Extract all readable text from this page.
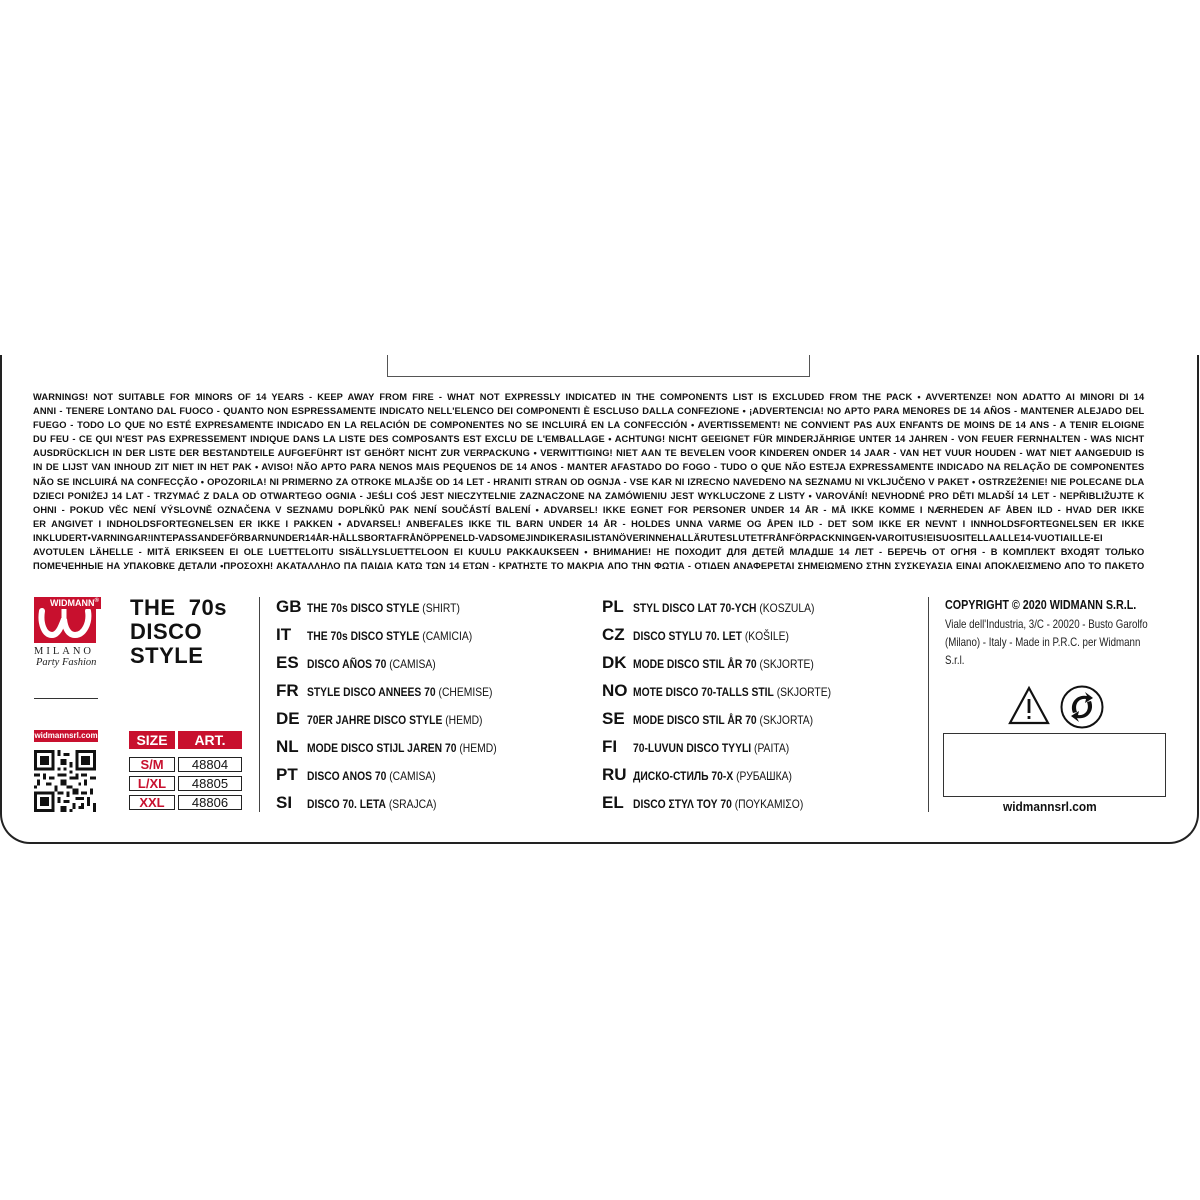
WARNINGS! NOT SUITABLE FOR MINORS OF 14 YEARS - KEEP AWAY FROM FIRE - WHAT NOT EXPRESSLY INDICATED IN THE COMPONENTS LIST IS EXCLUDED FROM THE PACK • AVVERTENZE! NON ADATTO AI MINORI DI 14
ANNI - TENERE LONTANO DAL FUOCO - QUANTO NON ESPRESSAMENTE INDICATO NELL'ELENCO DEI COMPONENTI È ESCLUSO DALLA CONFEZIONE • ¡ADVERTENCIA! NO APTO PARA MENORES DE 14 AÑOS - MANTENER ALEJADO DEL
FUEGO - TODO LO QUE NO ESTÉ EXPRESAMENTE INDICADO EN LA RELACIÓN DE COMPONENTES NO SE INCLUIRÁ EN LA CONFECCIÓN • AVERTISSEMENT! NE CONVIENT PAS AUX ENFANTS DE MOINS DE 14 ANS - A TENIR ELOIGNE
DU FEU - CE QUI N'EST PAS EXPRESSEMENT INDIQUE DANS LA LISTE DES COMPOSANTS EST EXCLU DE L'EMBALLAGE • ACHTUNG! NICHT GEEIGNET FÜR MINDERJÄHRIGE UNTER 14 JAHREN - VON FEUER FERNHALTEN - WAS NICHT
AUSDRÜCKLICH IN DER LISTE DER BESTANDTEILE AUFGEFÜHRT IST GEHÖRT NICHT ZUR VERPACKUNG • VERWITTIGING! NIET AAN TE BEVELEN VOOR KINDEREN ONDER 14 JAAR - VAN HET VUUR HOUDEN - WAT NIET AANGEDUID IS
IN DE LIJST VAN INHOUD ZIT NIET IN HET PAK • AVISO! NÃO APTO PARA NENOS MAIS PEQUENOS DE 14 ANOS - MANTER AFASTADO DO FOGO - TUDO O QUE NÃO ESTEJA EXPRESSAMENTE INDICADO NA RELAÇÃO DE COMPONENTES
NÃO SE INCLUIRÁ NA CONFECÇÃO • OPOZORILA! NI PRIMERNO ZA OTROKE MLAJŠE OD 14 LET - HRANITI STRAN OD OGNJA - VSE KAR NI IZRECNO NAVEDENO NA SEZNAMU NI VKLJUČENO V PAKET • OSTRZEŻENIE! NIE POLECANE DLA
DZIECI PONIŻEJ 14 LAT - TRZYMAĆ Z DALA OD OTWARTEGO OGNIA - JEŚLI COŚ JEST NIECZYTELNIE ZAZNACZONE NA ZAMÓWIENIU JEST WYKLUCZONE Z LISTY • VAROVÁNÍ! NEVHODNÉ PRO DĚTI MLADŠÍ 14 LET - NEPŘIBLIŽUJTE K
OHNI - POKUD VĚC NENÍ VÝSLOVNĚ OZNAČENA V SEZNAMU DOPLŇKŮ PAK NENÍ SOUČÁSTÍ BALENÍ • ADVARSEL! IKKE EGNET FOR PERSONER UNDER 14 ÅR - MÅ IKKE KOMME I NÆRHEDEN AF ÅBEN ILD - HVAD DER IKKE
ER ANGIVET I INDHOLDSFORTEGNELSEN ER IKKE I PAKKEN • ADVARSEL! ANBEFALES IKKE TIL BARN UNDER 14 ÅR - HOLDES UNNA VARME OG ÅPEN ILD - DET SOM IKKE ER NEVNT I INNHOLDSFORTEGNELSEN ER IKKE
INKLUDERT•VARNINGAR!INTEPASSANDEFÖRBARNUNDER14ÅR-HÅLLSBORTAFRÅNÖPPENELD-VADSOMEJINDIKERASILISTANÖVERINNEHALLÄRUTESLUTETFRÅNFÖRPACKNINGEN•VAROITUS!EISUOSITELLAALLE14-VUOTIAILLE-EI
AVOTULEN LÄHELLE - MITÄ ERIKSEEN EI OLE LUETTELOITU SISÄLLYSLUETTELOON EI KUULU PAKKAUKSEEN • ВНИМАНИЕ! НЕ ПОХОДИТ ДЛЯ ДЕТЕЙ МЛАДШЕ 14 ЛЕТ - БЕРЕЧЬ ОТ ОГНЯ - В КОМПЛЕКТ ВХОДЯТ ТОЛЬКО
ПОМЕЧЕННЫЕ НА УПАКОВКЕ ДЕТАЛИ •ΠΡΟΣΟΧΗ! ΑΚΑΤΑΛΛΗΛΟ ΠΑ ΠΑΙΔΙΑ ΚΑΤΩ ΤΩΝ 14 ΕΤΩΝ - ΚΡΑΤΗΣΤΕ ΤΟ ΜΑΚΡΙΑ ΑΠΟ ΤΗΝ ΦΩΤΙΑ - ΟΤΙΔΕΝ ΑΝΑΦΕΡΕΤΑΙ ΣΗΜΕΙΩΜΕΝΟ ΣΤΗΝ ΣΥΣΚΕΥΑΣΙΑ ΕΙΝΑΙ ΑΠΟΚΛΕΙΣΜΕΝΟ ΑΠΟ ΤΟ ΠΑΚΕΤΟ
WIDMANN®
MILANO
Party Fashion
widmannsrl.com
THE  70s
DISCO
STYLE
SIZE	ART.
S/M	48804
L/XL	48805
XXL	48806
GB THE 70s DISCO STYLE (SHIRT)
IT THE 70s DISCO STYLE (CAMICIA)
ES DISCO AÑOS 70 (CAMISA)
FR STYLE DISCO ANNEES 70 (CHEMISE)
DE 70ER JAHRE DISCO STYLE (HEMD)
NL MODE DISCO STIJL JAREN 70 (HEMD)
PT DISCO ANOS 70 (CAMISA)
SI DISCO 70. LETA (SRAJCA)
PL STYL DISCO LAT 70-YCH (KOSZULA)
CZ DISCO STYLU 70. LET (KOŠILE)
DK MODE DISCO STIL ÅR 70 (SKJORTE)
NO MOTE DISCO 70-TALLS STIL (SKJORTE)
SE MODE DISCO STIL ÅR 70 (SKJORTA)
FI 70-LUVUN DISCO TYYLI (PAITA)
RU ДИСКО-СТИЛЬ 70-Х (РУБАШКА)
EL DISCO ΣΤΥΛ ΤΟΥ 70 (ΠΟΥΚΑΜΙΣΟ)
COPYRIGHT © 2020 WIDMANN S.R.L.
Viale dell'Industria, 3/C - 20020 - Busto Garolfo
(Milano) - Italy - Made in P.R.C. per Widmann S.r.l.
widmannsrl.com
